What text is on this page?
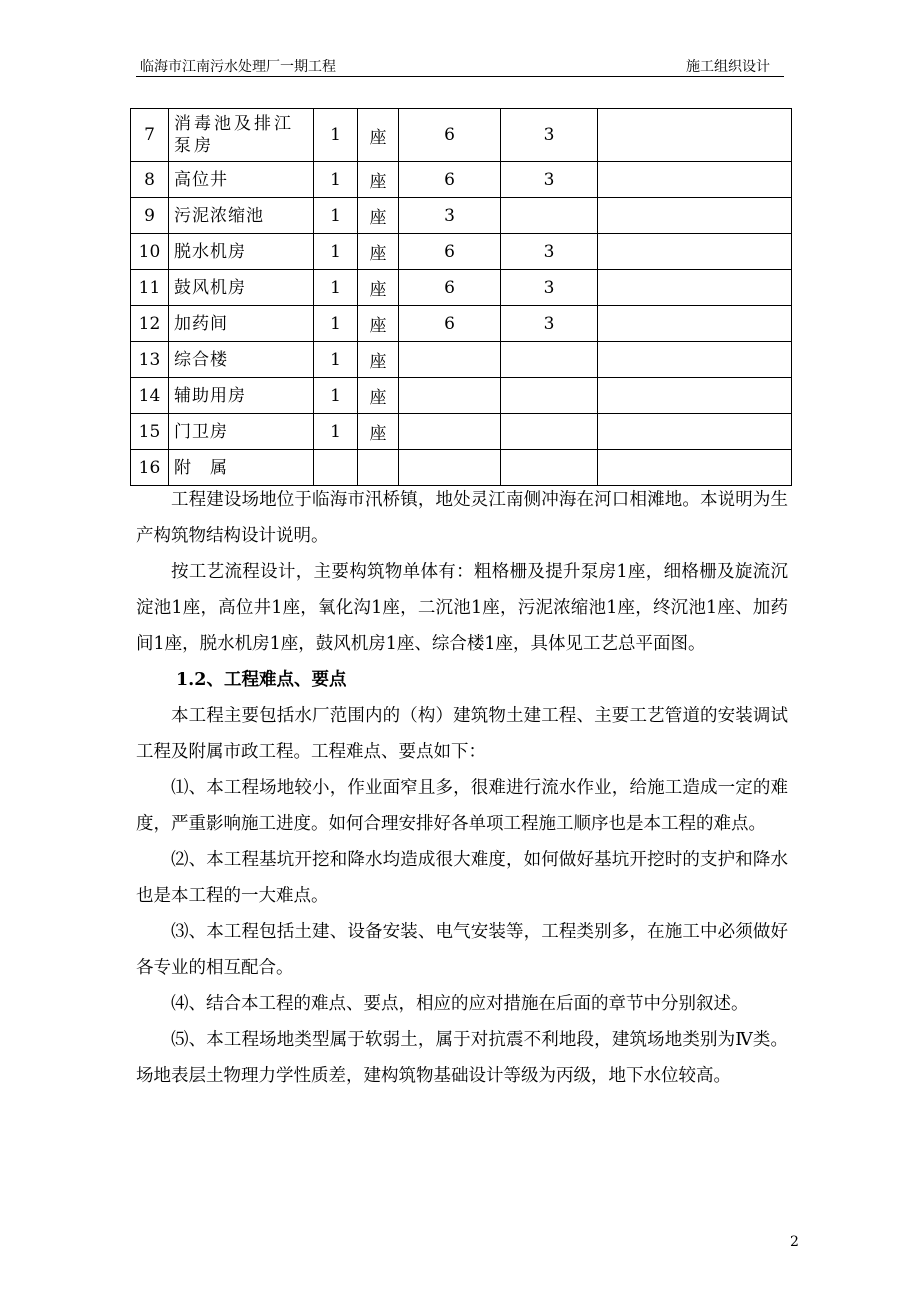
临海市江南污水处理厂一期工程	施工组织设计
7	消毒池及排江泵房	1	座	6	3	
8	高位井	1	座	6	3	
9	污泥浓缩池	1	座	3		
10	脱水机房	1	座	6	3	
11	鼓风机房	1	座	6	3	
12	加药间	1	座	6	3	
13	综合楼	1	座			
14	辅助用房	1	座			
15	门卫房	1	座			
16	附　属					

工程建设场地位于临海市汛桥镇，地处灵江南侧冲海在河口相滩地。本说明为生产构筑物结构设计说明。

按工艺流程设计，主要构筑物单体有：粗格栅及提升泵房1座，细格栅及旋流沉淀池1座，高位井1座，氧化沟1座，二沉池1座，污泥浓缩池1座，终沉池1座、加药间1座，脱水机房1座，鼓风机房1座、综合楼1座，具体见工艺总平面图。

1.2、工程难点、要点

本工程主要包括水厂范围内的（构）建筑物土建工程、主要工艺管道的安装调试工程及附属市政工程。工程难点、要点如下：

⑴、本工程场地较小，作业面窄且多，很难进行流水作业，给施工造成一定的难度，严重影响施工进度。如何合理安排好各单项工程施工顺序也是本工程的难点。

⑵、本工程基坑开挖和降水均造成很大难度，如何做好基坑开挖时的支护和降水也是本工程的一大难点。

⑶、本工程包括土建、设备安装、电气安装等，工程类别多，在施工中必须做好各专业的相互配合。

⑷、结合本工程的难点、要点，相应的应对措施在后面的章节中分别叙述。

⑸、本工程场地类型属于软弱土，属于对抗震不利地段，建筑场地类别为Ⅳ类。场地表层土物理力学性质差，建构筑物基础设计等级为丙级，地下水位较高。

2
